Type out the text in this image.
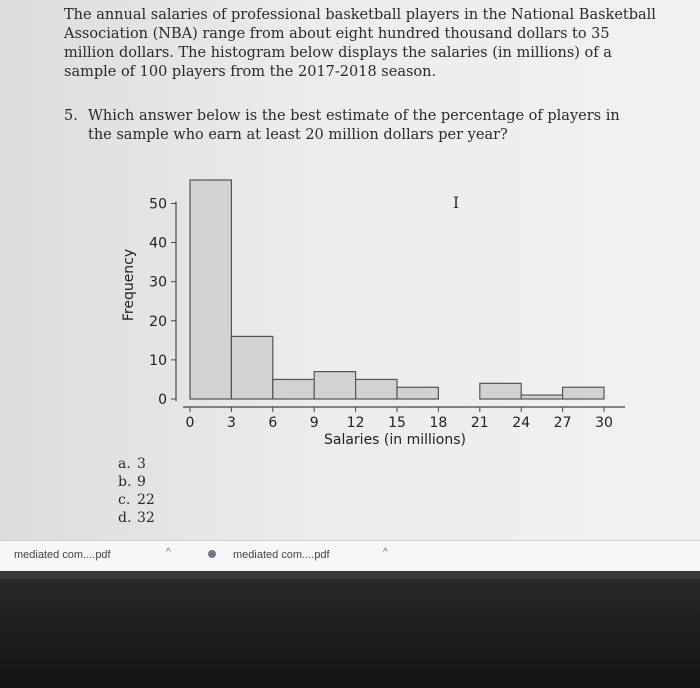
The annual salaries of professional basketball players in the National Basketball Association (NBA) range from about eight hundred thousand dollars to 35 million dollars. The histogram below displays the salaries (in millions) of a sample of 100 players from the 2017-2018 season.

5. Which answer below is the best estimate of the percentage of players in the sample who earn at least 20 million dollars per year?
0 3 6 9 12 15 18 21 24 27 30
0
10
20
30
40
50
Salaries (in millions)
Frequency
I
a. 3
b. 9
c. 22
d. 32
mediated com....pdf	^	mediated com....pdf	^
